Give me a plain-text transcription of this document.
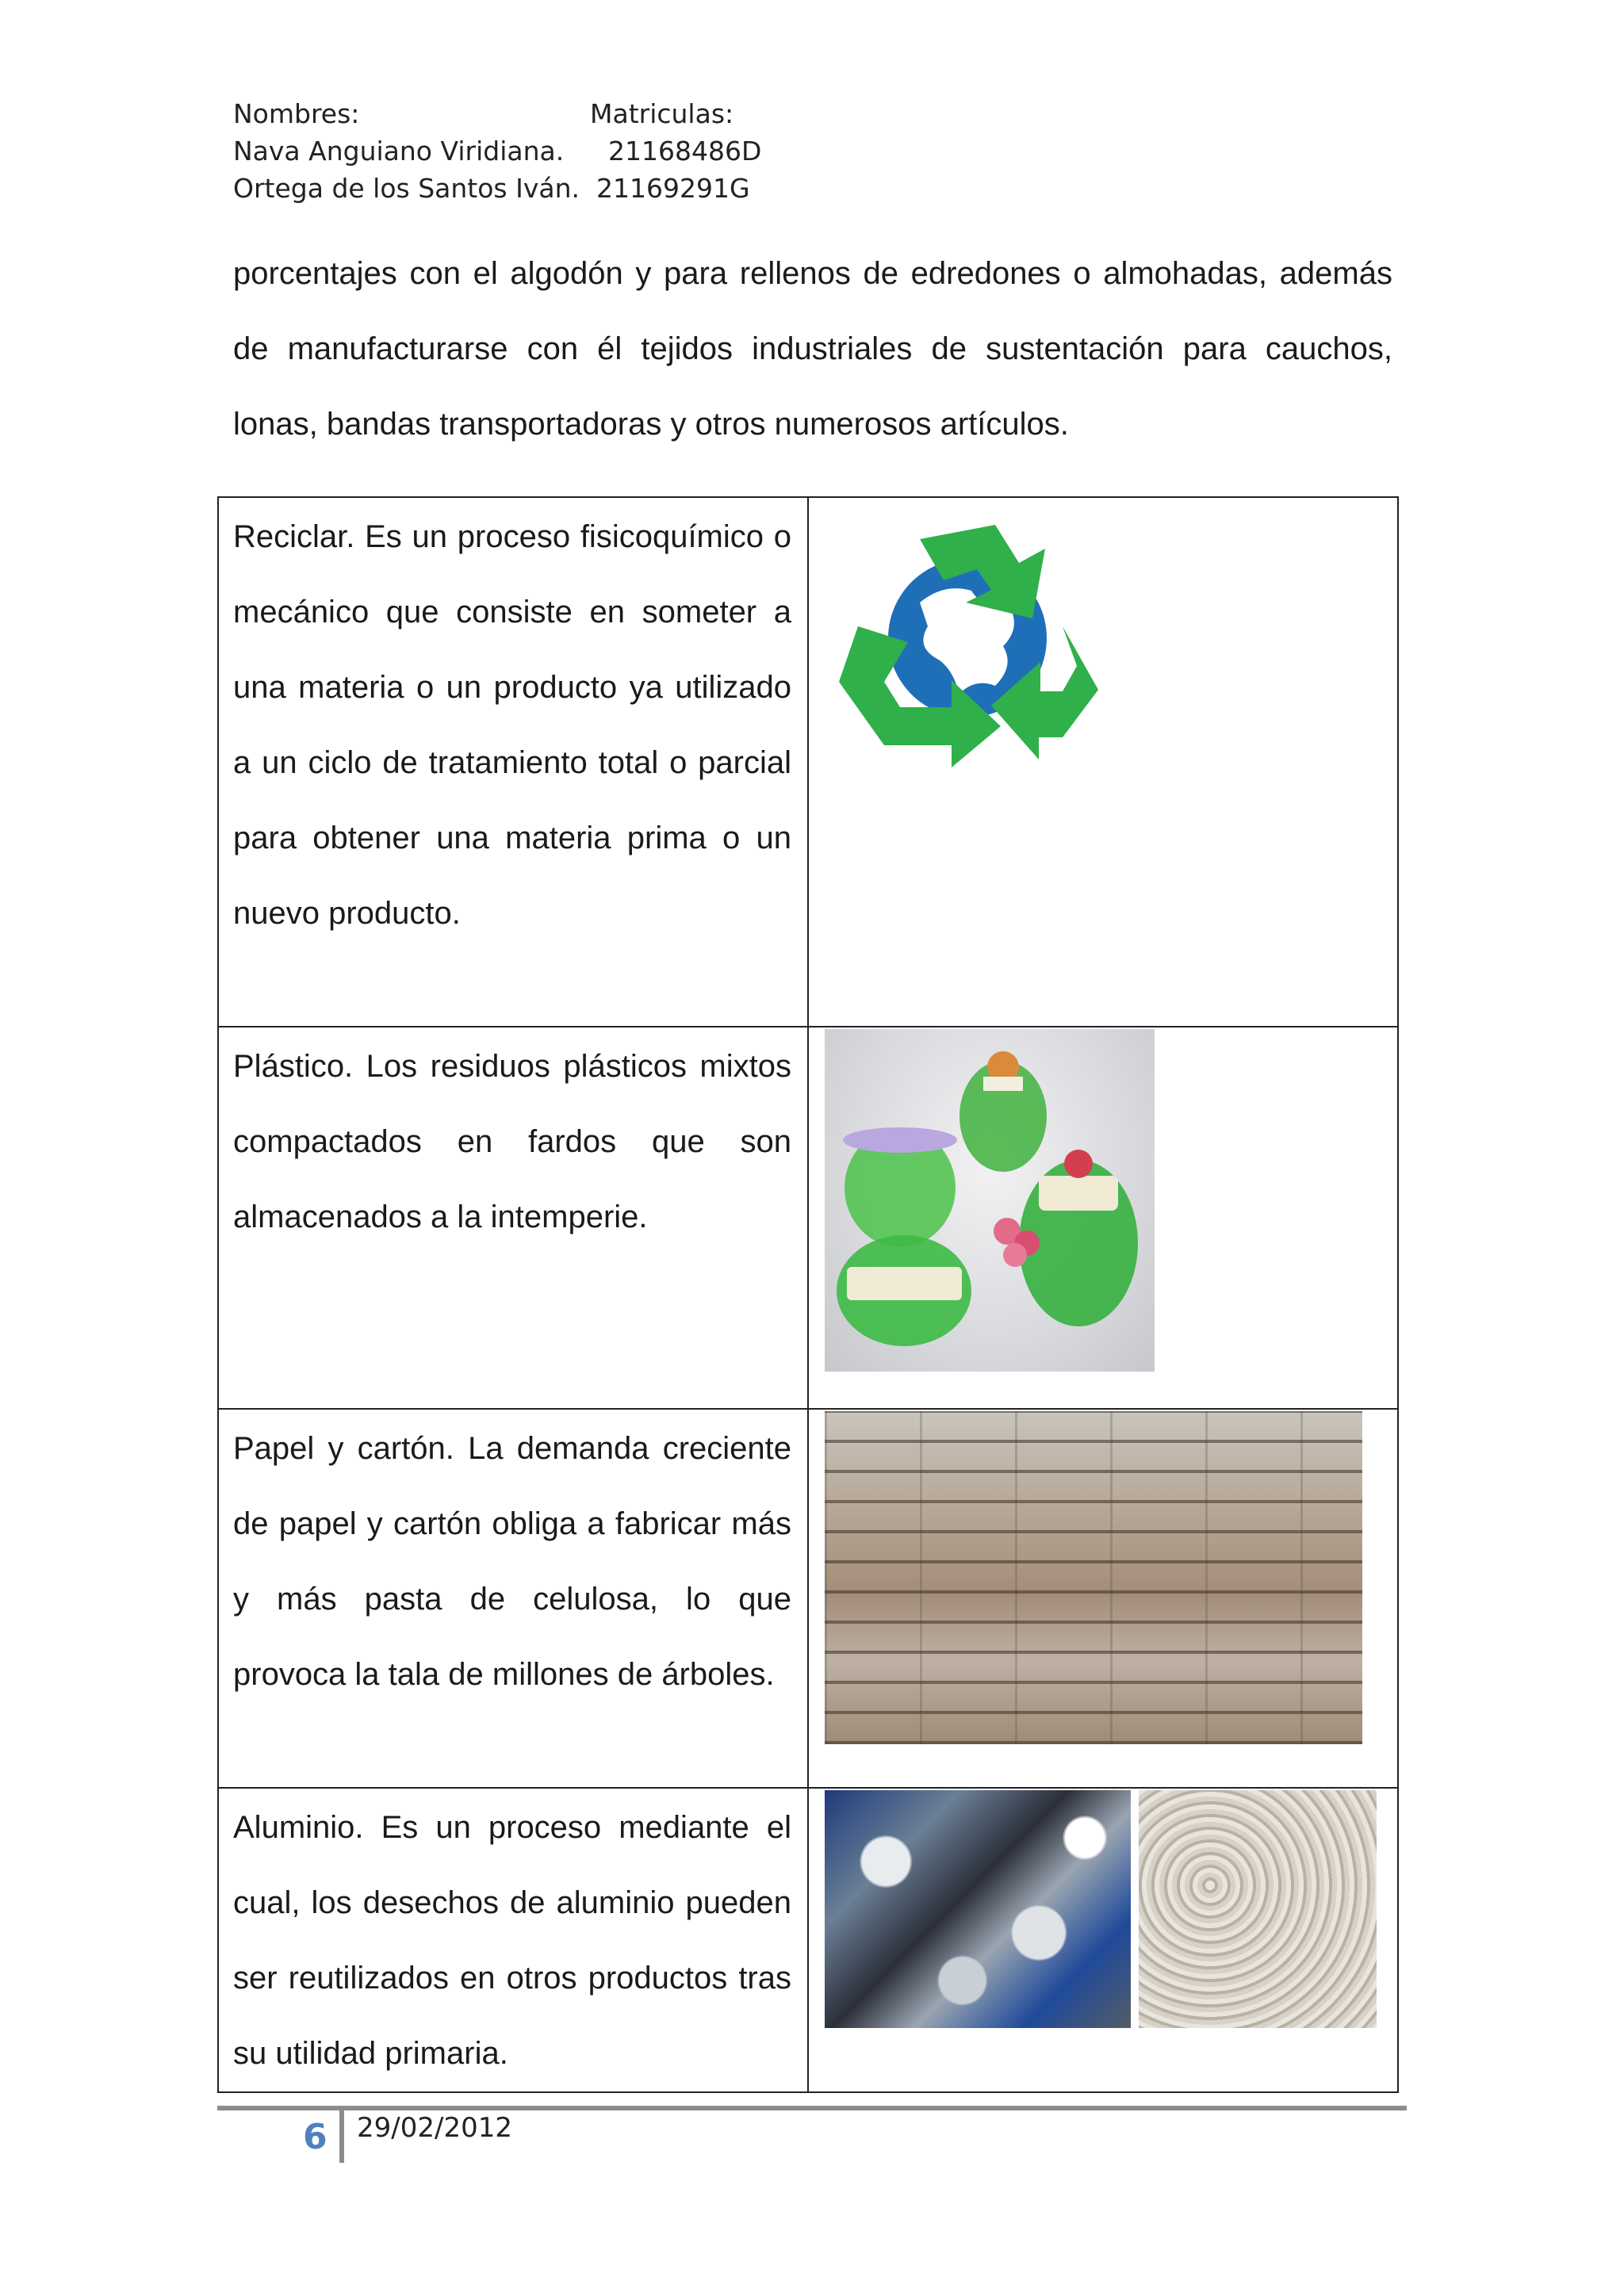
Nombres:	Matriculas:
Nava Anguiano Viridiana. 21168486D
Ortega de los Santos Iván. 21169291G
porcentajes con el algodón y para rellenos de edredones o almohadas, además de manufacturarse con él tejidos industriales de sustentación para cauchos, lonas, bandas transportadoras y otros numerosos artículos.

Reciclar. Es un proceso fisicoquímico o mecánico que consiste en someter a una materia o un producto ya utilizado a un ciclo de tratamiento total o parcial para obtener una materia prima o un nuevo producto.

Plástico. Los residuos plásticos mixtos compactados en fardos que son almacenados a la intemperie.

Papel y cartón. La demanda creciente de papel y cartón obliga a fabricar más y más pasta de celulosa, lo que provoca la tala de millones de árboles.	

Aluminio. Es un proceso mediante el cual, los desechos de aluminio pueden ser reutilizados en otros productos tras su utilidad primaria.	

6 29/02/2012
